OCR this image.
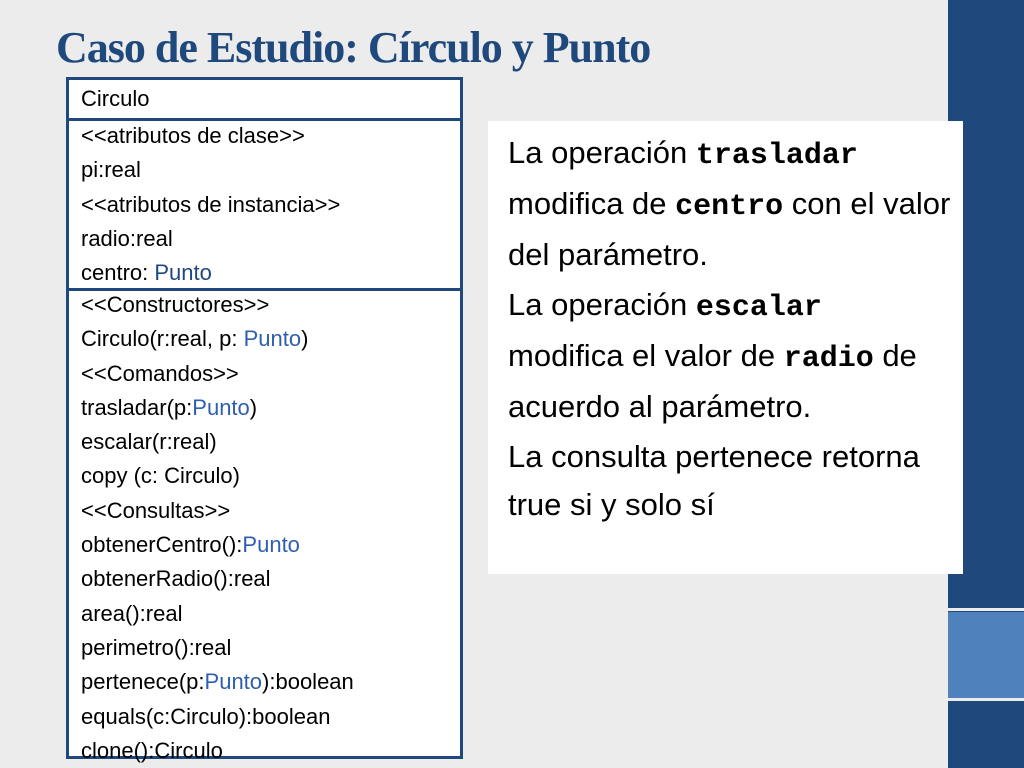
Caso de Estudio: Círculo y Punto
Circulo
<<atributos de clase>>
pi:real
<<atributos de instancia>>
radio:real
centro: Punto
<<Constructores>>
Circulo(r:real, p: Punto)
<<Comandos>>
trasladar(p:Punto)
escalar(r:real)
copy (c: Circulo)
<<Consultas>>
obtenerCentro():Punto
obtenerRadio():real
area():real
perimetro():real
pertenece(p:Punto):boolean
equals(c:Circulo):boolean
clone():Circulo
La operación trasladar
modifica de centro con el valor del parámetro.
La operación escalar
modifica el valor de radio de acuerdo al parámetro.
La consulta pertenece retorna true si y solo sí
